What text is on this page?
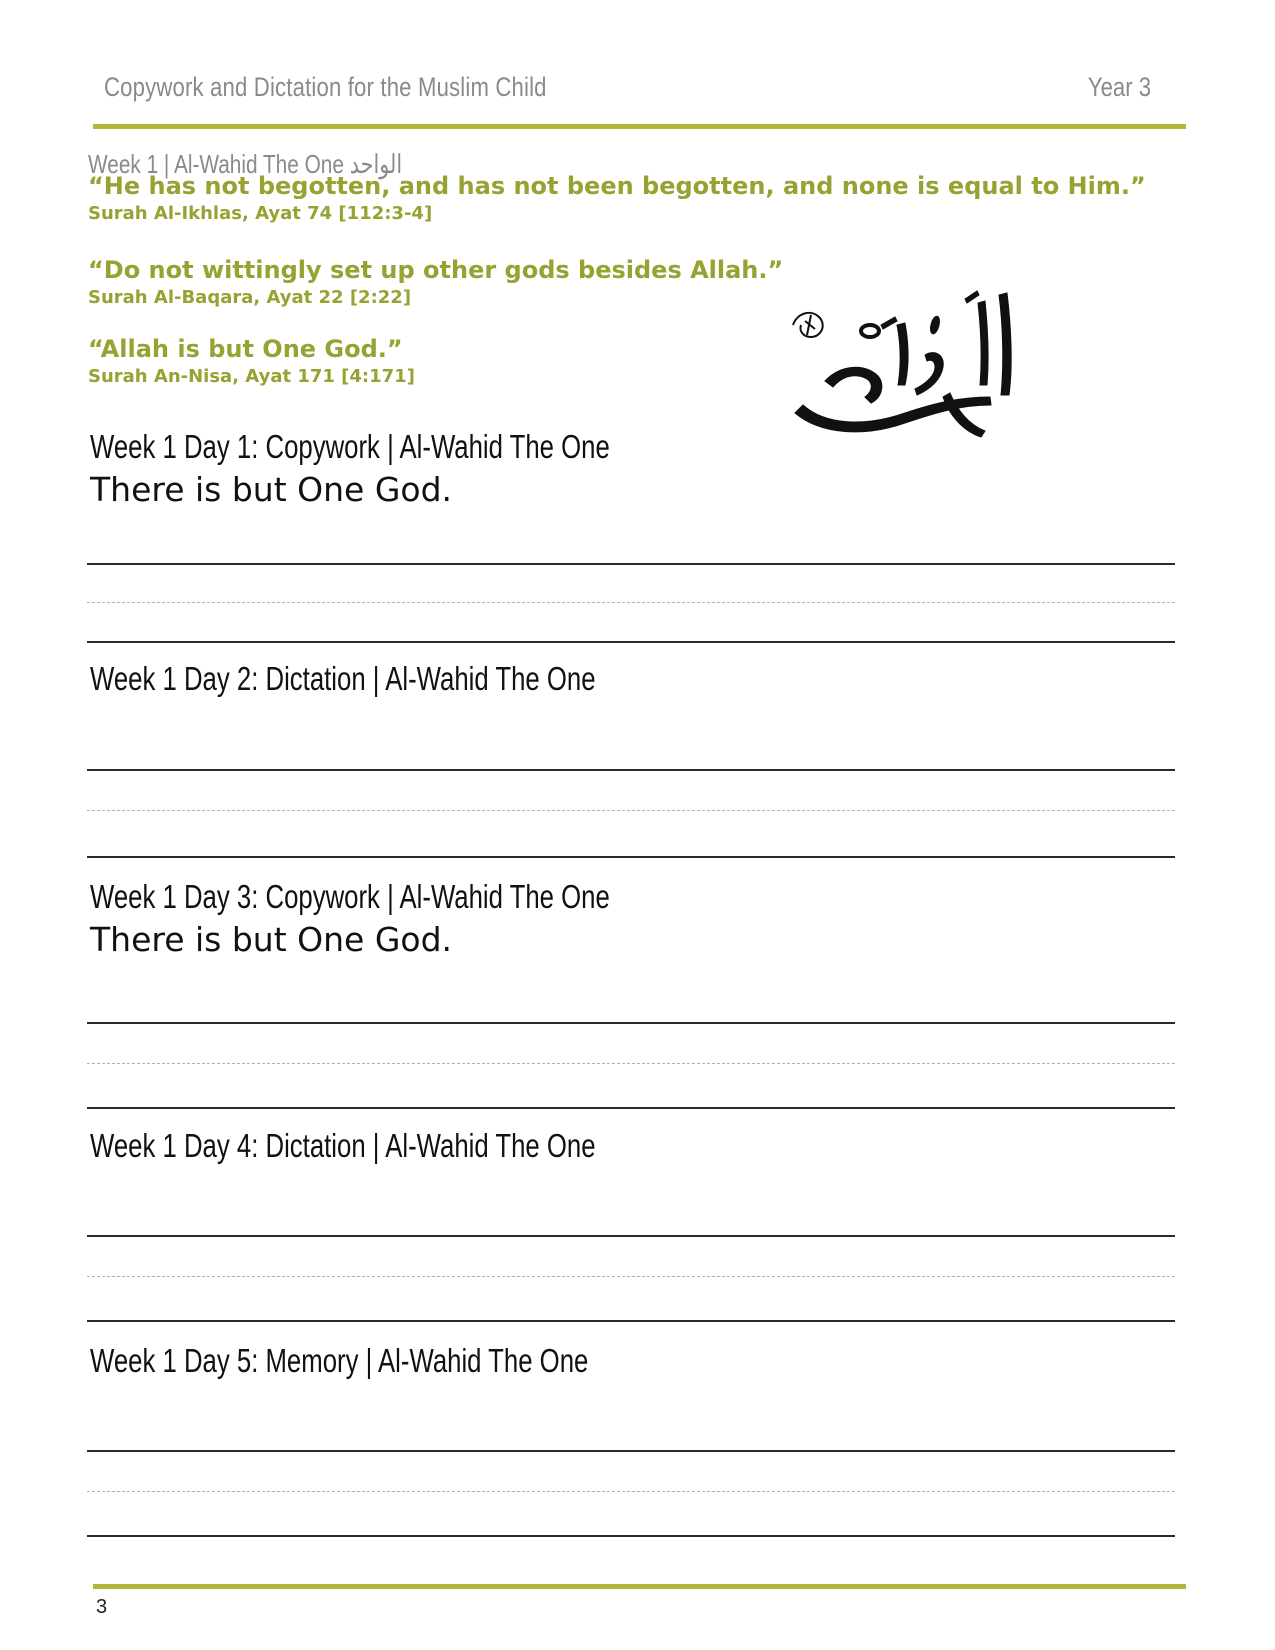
Copywork and Dictation for the Muslim Child	Year 3
Week 1 | Al-Wahid The One الواحد
“He has not begotten, and has not been begotten, and none is equal to Him.”
Surah Al-Ikhlas, Ayat 74 [112:3-4]
“Do not wittingly set up other gods besides Allah.”
Surah Al-Baqara, Ayat 22 [2:22]
“Allah is but One God.”
Surah An-Nisa, Ayat 171 [4:171]
Week 1 Day 1: Copywork | Al-Wahid The One
There is but One God.
Week 1 Day 2: Dictation | Al-Wahid The One
Week 1 Day 3: Copywork | Al-Wahid The One
There is but One God.
Week 1 Day 4: Dictation | Al-Wahid The One
Week 1 Day 5: Memory | Al-Wahid The One
3
